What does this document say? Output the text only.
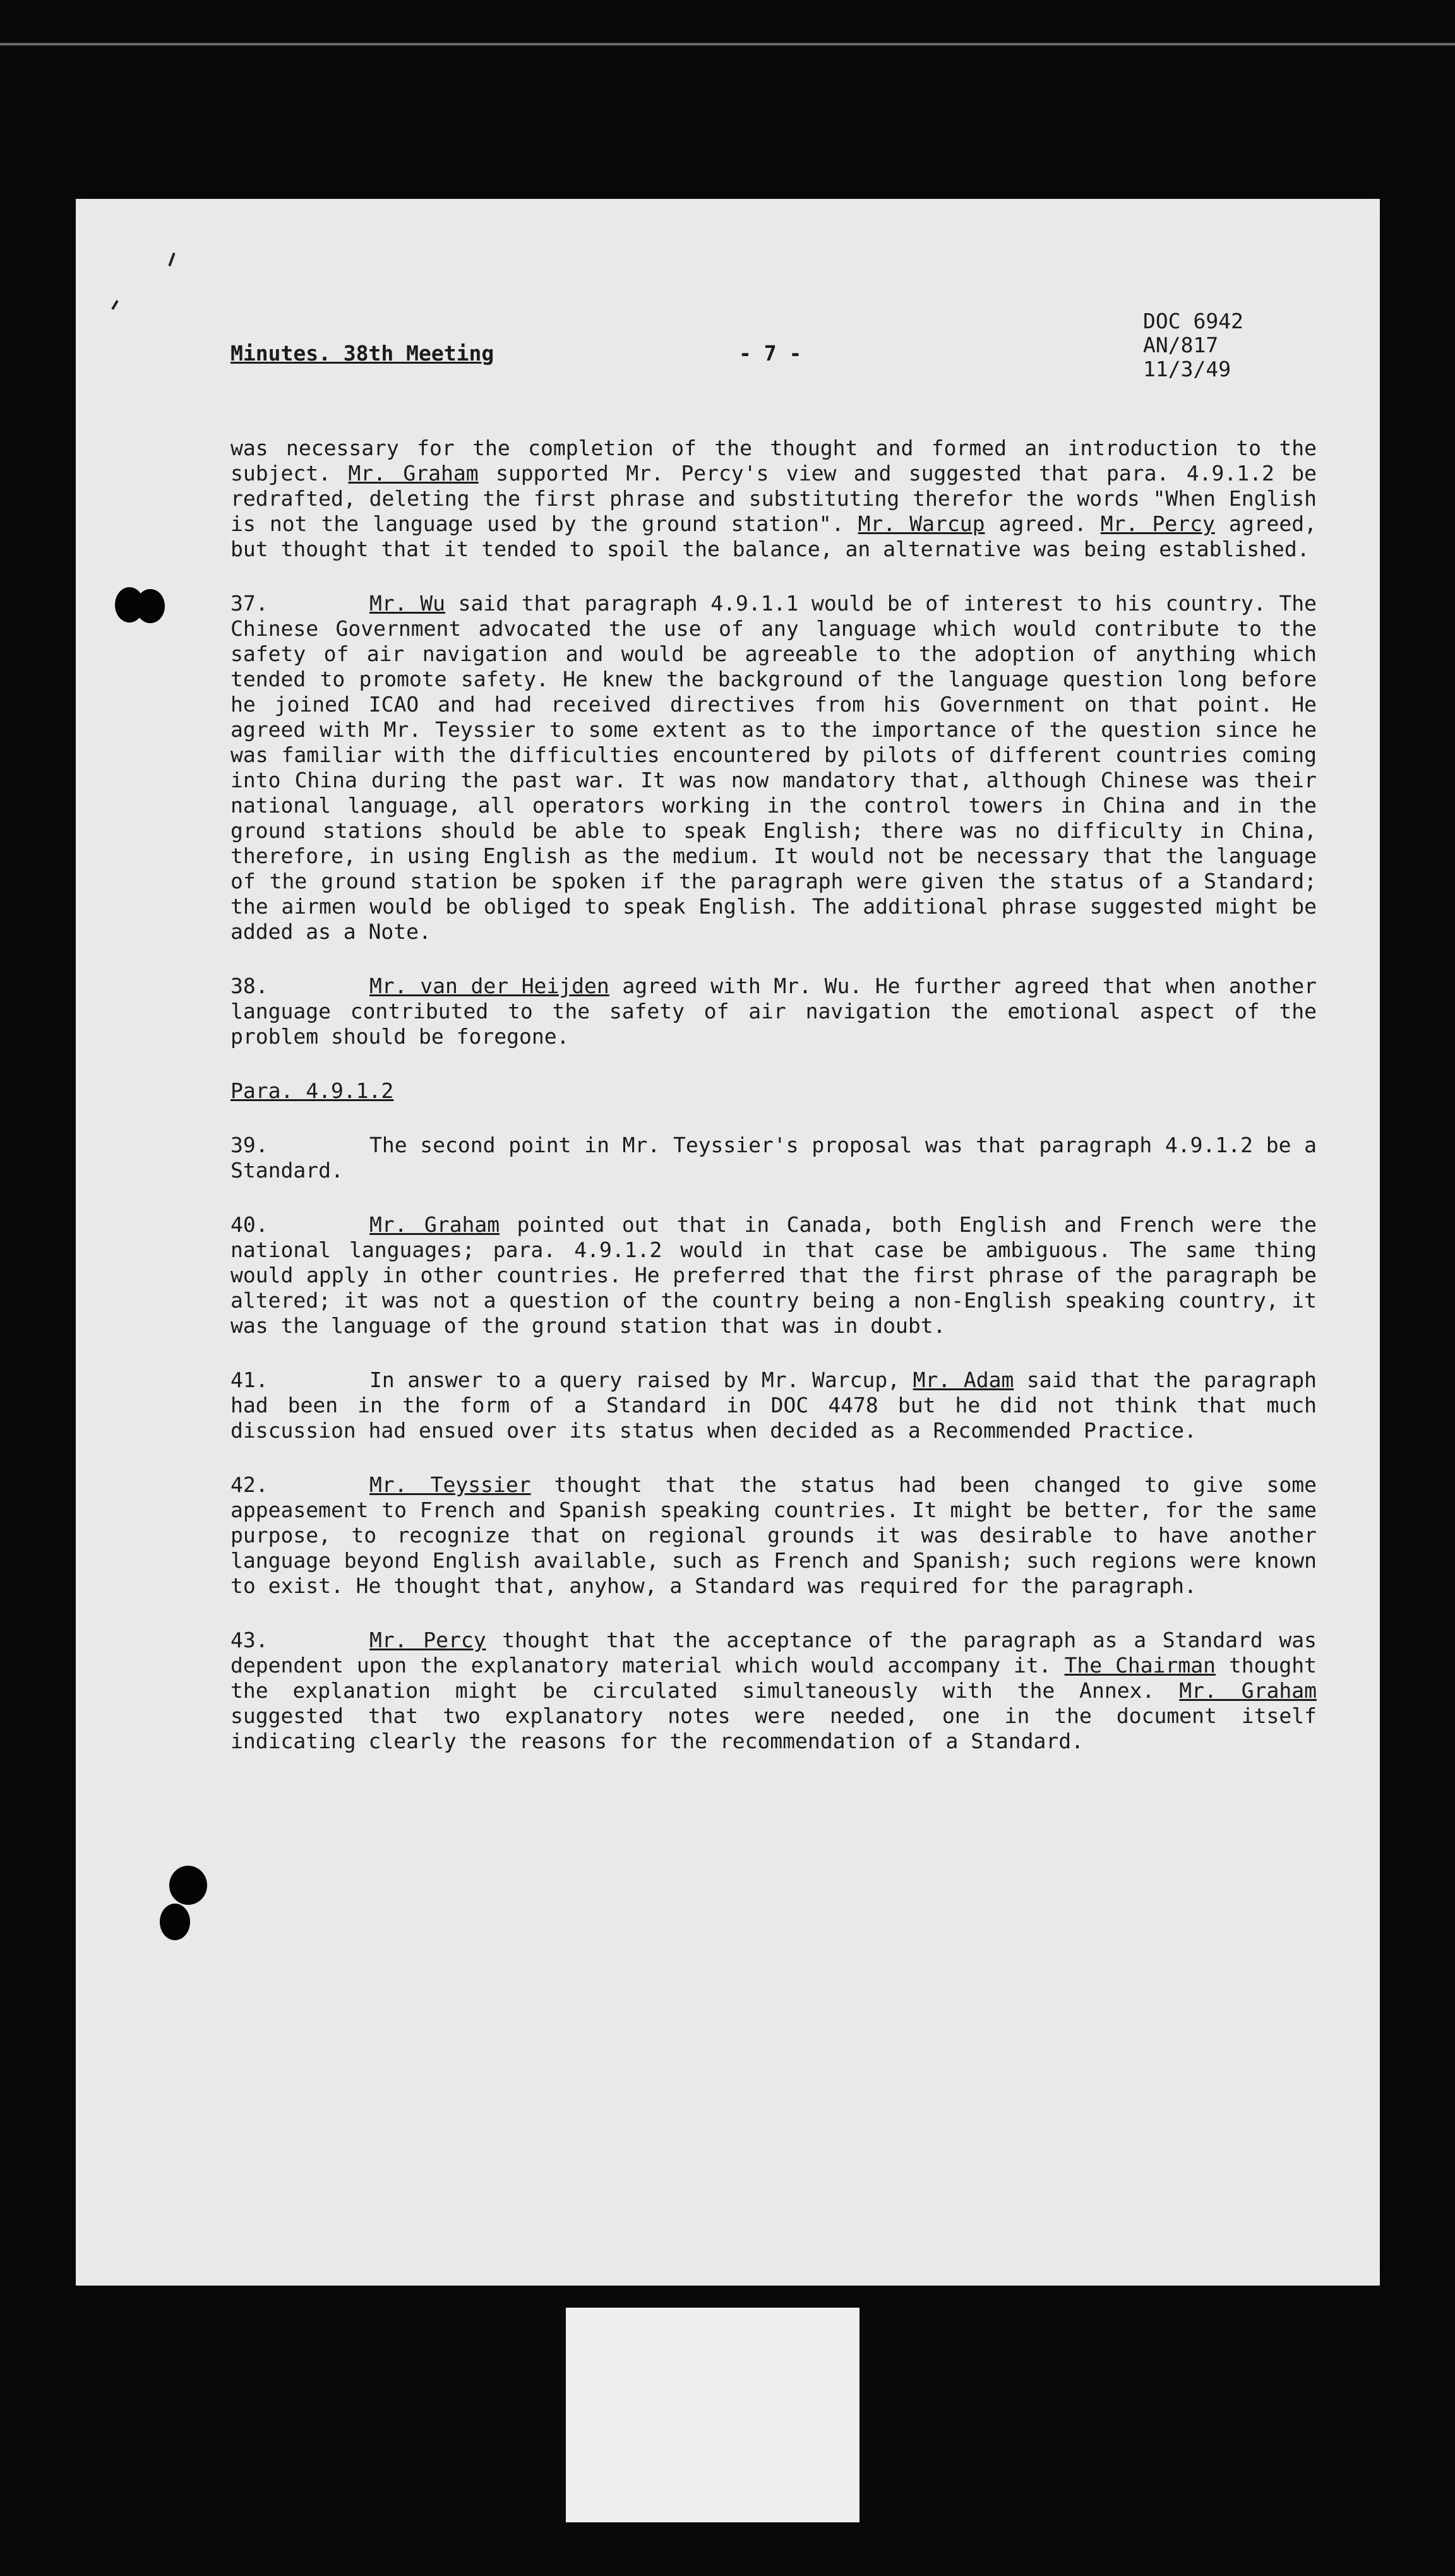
Minutes. 38th Meeting	- 7 -
DOC 6942
AN/817
11/3/49

was necessary for the completion of the thought and formed an introduction to the subject. Mr. Graham supported Mr. Percy's view and suggested that para. 4.9.1.2 be redrafted, deleting the first phrase and substituting therefor the words "When English is not the language used by the ground station". Mr. Warcup agreed. Mr. Percy agreed, but thought that it tended to spoil the balance, an alternative was being established.

37.	Mr. Wu said that paragraph 4.9.1.1 would be of interest to his country. The Chinese Government advocated the use of any language which would contribute to the safety of air navigation and would be agreeable to the adoption of anything which tended to promote safety. He knew the background of the language question long before he joined ICAO and had received directives from his Government on that point. He agreed with Mr. Teyssier to some extent as to the importance of the question since he was familiar with the difficulties encountered by pilots of different countries coming into China during the past war. It was now mandatory that, although Chinese was their national language, all operators working in the control towers in China and in the ground stations should be able to speak English; there was no difficulty in China, therefore, in using English as the medium. It would not be necessary that the language of the ground station be spoken if the paragraph were given the status of a Standard; the airmen would be obliged to speak English. The additional phrase suggested might be added as a Note.

38.	Mr. van der Heijden agreed with Mr. Wu. He further agreed that when another language contributed to the safety of air navigation the emotional aspect of the problem should be foregone.

Para. 4.9.1.2

39.	The second point in Mr. Teyssier's proposal was that paragraph 4.9.1.2 be a Standard.

40.	Mr. Graham pointed out that in Canada, both English and French were the national languages; para. 4.9.1.2 would in that case be ambiguous. The same thing would apply in other countries. He preferred that the first phrase of the paragraph be altered; it was not a question of the country being a non-English speaking country, it was the language of the ground station that was in doubt.

41.	In answer to a query raised by Mr. Warcup, Mr. Adam said that the paragraph had been in the form of a Standard in DOC 4478 but he did not think that much discussion had ensued over its status when decided as a Recommended Practice.

42.	Mr. Teyssier thought that the status had been changed to give some appeasement to French and Spanish speaking countries. It might be better, for the same purpose, to recognize that on regional grounds it was desirable to have another language beyond English available, such as French and Spanish; such regions were known to exist. He thought that, anyhow, a Standard was required for the paragraph.

43.	Mr. Percy thought that the acceptance of the paragraph as a Standard was dependent upon the explanatory material which would accompany it. The Chairman thought the explanation might be circulated simultaneously with the Annex. Mr. Graham suggested that two explanatory notes were needed, one in the document itself indicating clearly the reasons for the recommendation of a Standard.
